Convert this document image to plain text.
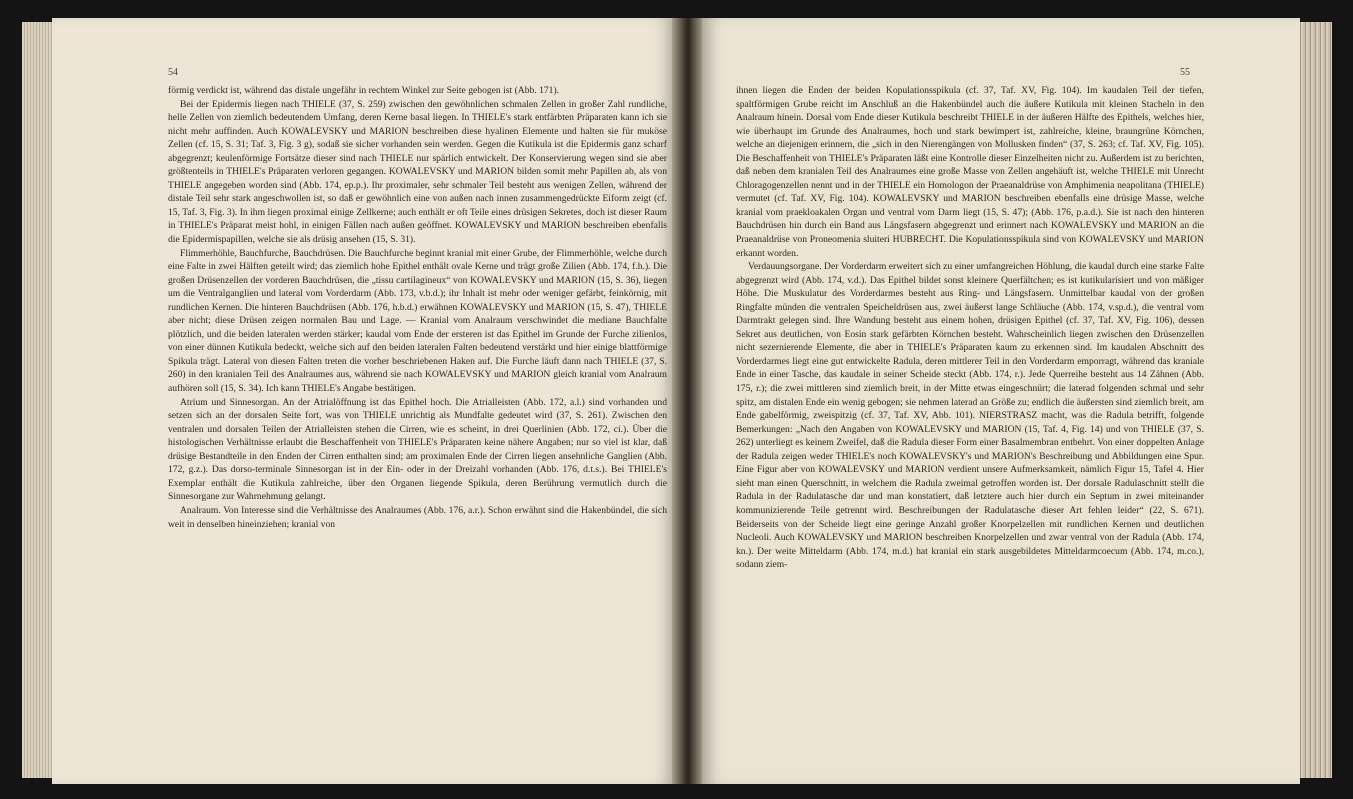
54	55

förmig verdickt ist, während das distale ungefähr in rechtem Winkel zur Seite gebogen ist (Abb. 171).

Bei der Epidermis liegen nach THIELE (37, S. 259) zwischen den gewöhnlichen schmalen Zellen in großer Zahl rundliche, helle Zellen von ziemlich bedeutendem Umfang, deren Kerne basal liegen. In THIELE's stark entfärbten Präparaten kann ich sie nicht mehr auffinden. Auch KOWALEVSKY und MARION beschreiben diese hyalinen Elemente und halten sie für muköse Zellen (cf. 15, S. 31; Taf. 3, Fig. 3 g), sodaß sie sicher vorhanden sein werden. Gegen die Kutikula ist die Epidermis ganz scharf abgegrenzt; keulenförmige Fortsätze dieser sind nach THIELE nur spärlich entwickelt. Der Konservierung wegen sind sie aber größtenteils in THIELE's Präparaten verloren gegangen. KOWALEVSKY und MARION bilden somit mehr Papillen ab, als von THIELE angegeben worden sind (Abb. 174, ep.p.). Ihr proximaler, sehr schmaler Teil besteht aus wenigen Zellen, während der distale Teil sehr stark angeschwollen ist, so daß er gewöhnlich eine von außen nach innen zusammengedrückte Eiform zeigt (cf. 15, Taf. 3, Fig. 3). In ihm liegen proximal einige Zellkerne; auch enthält er oft Teile eines drüsigen Sekretes, doch ist dieser Raum in THIELE's Präparat meist hohl, in einigen Fällen nach außen geöffnet. KOWALEVSKY und MARION beschreiben ebenfalls die Epidermispapillen, welche sie als drüsig ansehen (15, S. 31).

Flimmerhöhle, Bauchfurche, Bauchdrüsen. Die Bauchfurche beginnt kranial mit einer Grube, der Flimmerhöhle, welche durch eine Falte in zwei Hälften geteilt wird; das ziemlich hohe Epithel enthält ovale Kerne und trägt große Zilien (Abb. 174, f.h.). Die großen Drüsenzellen der vorderen Bauchdrüsen, die „tissu cartilagineux“ von KOWALEVSKY und MARION (15, S. 36), liegen um die Ventralganglien und lateral vom Vorderdarm (Abb. 173, v.b.d.); ihr Inhalt ist mehr oder weniger gefärbt, feinkörnig, mit rundlichen Kernen. Die hinteren Bauchdrüsen (Abb. 176, h.b.d.) erwähnen KOWALEVSKY und MARION (15, S. 47), THIELE aber nicht; diese Drüsen zeigen normalen Bau und Lage. — Kranial vom Analraum verschwindet die mediane Bauchfalte plötzlich, und die beiden lateralen werden stärker; kaudal vom Ende der ersteren ist das Epithel im Grunde der Furche zilienlos, von einer dünnen Kutikula bedeckt, welche sich auf den beiden lateralen Falten bedeutend verstärkt und hier einige blattförmige Spikula trägt. Lateral von diesen Falten treten die vorher beschriebenen Haken auf. Die Furche läuft dann nach THIELE (37, S. 260) in den kranialen Teil des Analraumes aus, während sie nach KOWALEVSKY und MARION gleich kranial vom Analraum aufhören soll (15, S. 34). Ich kann THIELE's Angabe bestätigen.

Atrium und Sinnesorgan. An der Atrialöffnung ist das Epithel hoch. Die Atrialleisten (Abb. 172, a.l.) sind vorhanden und setzen sich an der dorsalen Seite fort, was von THIELE unrichtig als Mundfalte gedeutet wird (37, S. 261). Zwischen den ventralen und dorsalen Teilen der Atrialleisten stehen die Cirren, wie es scheint, in drei Querlinien (Abb. 172, ci.). Über die histologischen Verhältnisse erlaubt die Beschaffenheit von THIELE's Präparaten keine nähere Angaben; nur so viel ist klar, daß drüsige Bestandteile in den Enden der Cirren enthalten sind; am proximalen Ende der Cirren liegen ansehnliche Ganglien (Abb. 172, g.z.). Das dorso-terminale Sinnesorgan ist in der Ein- oder in der Dreizahl vorhanden (Abb. 176, d.t.s.). Bei THIELE's Exemplar enthält die Kutikula zahlreiche, über den Organen liegende Spikula, deren Berührung vermutlich durch die Sinnesorgane zur Wahrnehmung gelangt.

Analraum. Von Interesse sind die Verhältnisse des Analraumes (Abb. 176, a.r.). Schon erwähnt sind die Hakenbündel, die sich weit in denselben hineinziehen; kranial von

ihnen liegen die Enden der beiden Kopulationsspikula (cf. 37, Taf. XV, Fig. 104). Im kaudalen Teil der tiefen, spaltförmigen Grube reicht im Anschluß an die Hakenbündel auch die äußere Kutikula mit kleinen Stacheln in den Analraum hinein. Dorsal vom Ende dieser Kutikula beschreibt THIELE in der äußeren Hälfte des Epithels, welches hier, wie überhaupt im Grunde des Analraumes, hoch und stark bewimpert ist, zahlreiche, kleine, braungrüne Körnchen, welche an diejenigen erinnern, die „sich in den Nierengängen von Mollusken finden“ (37, S. 263; cf. Taf. XV, Fig. 105). Die Beschaffenheit von THIELE's Präparaten läßt eine Kontrolle dieser Einzelheiten nicht zu. Außerdem ist zu berichten, daß neben dem kranialen Teil des Analraumes eine große Masse von Zellen angehäuft ist, welche THIELE mit Unrecht Chloragogenzellen nennt und in der THIELE ein Homologon der Praeanaldrüse von Amphimenia neapolitana (THIELE) vermutet (cf. Taf. XV, Fig. 104). KOWALEVSKY und MARION beschreiben ebenfalls eine drüsige Masse, welche kranial vom praekloakalen Organ und ventral vom Darm liegt (15, S. 47); (Abb. 176, p.a.d.). Sie ist nach den hinteren Bauchdrüsen hin durch ein Band aus Längsfasern abgegrenzt und erinnert nach KOWALEVSKY und MARION an die Praeanaldrüse von Proneomenia sluiteri HUBRECHT. Die Kopulationsspikula sind von KOWALEVSKY und MARION erkannt worden.

Verdauungsorgane. Der Vorderdarm erweitert sich zu einer umfangreichen Höhlung, die kaudal durch eine starke Falte abgegrenzt wird (Abb. 174, v.d.). Das Epithel bildet sonst kleinere Querfältchen; es ist kutikularisiert und von mäßiger Höhe. Die Muskulatur des Vorderdarmes besteht aus Ring- und Längsfasern. Unmittelbar kaudal von der großen Ringfalte münden die ventralen Speicheldrüsen aus, zwei äußerst lange Schläuche (Abb. 174, v.sp.d.), die ventral vom Darmtrakt gelegen sind. Ihre Wandung besteht aus einem hohen, drüsigen Epithel (cf. 37, Taf. XV, Fig. 106), dessen Sekret aus deutlichen, von Eosin stark gefärbten Körnchen besteht. Wahrscheinlich liegen zwischen den Drüsenzellen nicht sezernierende Elemente, die aber in THIELE's Präparaten kaum zu erkennen sind. Im kaudalen Abschnitt des Vorderdarmes liegt eine gut entwickelte Radula, deren mittlerer Teil in den Vorderdarm emporragt, während das kraniale Ende in einer Tasche, das kaudale in seiner Scheide steckt (Abb. 174, r.). Jede Querreihe besteht aus 14 Zähnen (Abb. 175, r.); die zwei mittleren sind ziemlich breit, in der Mitte etwas eingeschnürt; die laterad folgenden schmal und sehr spitz, am distalen Ende ein wenig gebogen; sie nehmen laterad an Größe zu; endlich die äußersten sind ziemlich breit, am Ende gabelförmig, zweispitzig (cf. 37, Taf. XV, Abb. 101). NIERSTRASZ macht, was die Radula betrifft, folgende Bemerkungen: „Nach den Angaben von KOWALEVSKY und MARION (15, Taf. 4, Fig. 14) und von THIELE (37, S. 262) unterliegt es keinem Zweifel, daß die Radula dieser Form einer Basalmembran entbehrt. Von einer doppelten Anlage der Radula zeigen weder THIELE's noch KOWALEVSKY's und MARION's Beschreibung und Abbildungen eine Spur. Eine Figur aber von KOWALEVSKY und MARION verdient unsere Aufmerksamkeit, nämlich Figur 15, Tafel 4. Hier sieht man einen Querschnitt, in welchem die Radula zweimal getroffen worden ist. Der dorsale Radulaschnitt stellt die Radula in der Radulatasche dar und man konstatiert, daß letztere auch hier durch ein Septum in zwei miteinander kommunizierende Teile getrennt wird. Beschreibungen der Radulatasche dieser Art fehlen leider“ (22, S. 671). Beiderseits von der Scheide liegt eine geringe Anzahl großer Knorpelzellen mit rundlichen Kernen und deutlichen Nucleoli. Auch KOWALEVSKY und MARION beschreiben Knorpelzellen und zwar ventral von der Radula (Abb. 174, kn.). Der weite Mitteldarm (Abb. 174, m.d.) hat kranial ein stark ausgebildetes Mitteldarmcoecum (Abb. 174, m.co.), sodann ziem-
